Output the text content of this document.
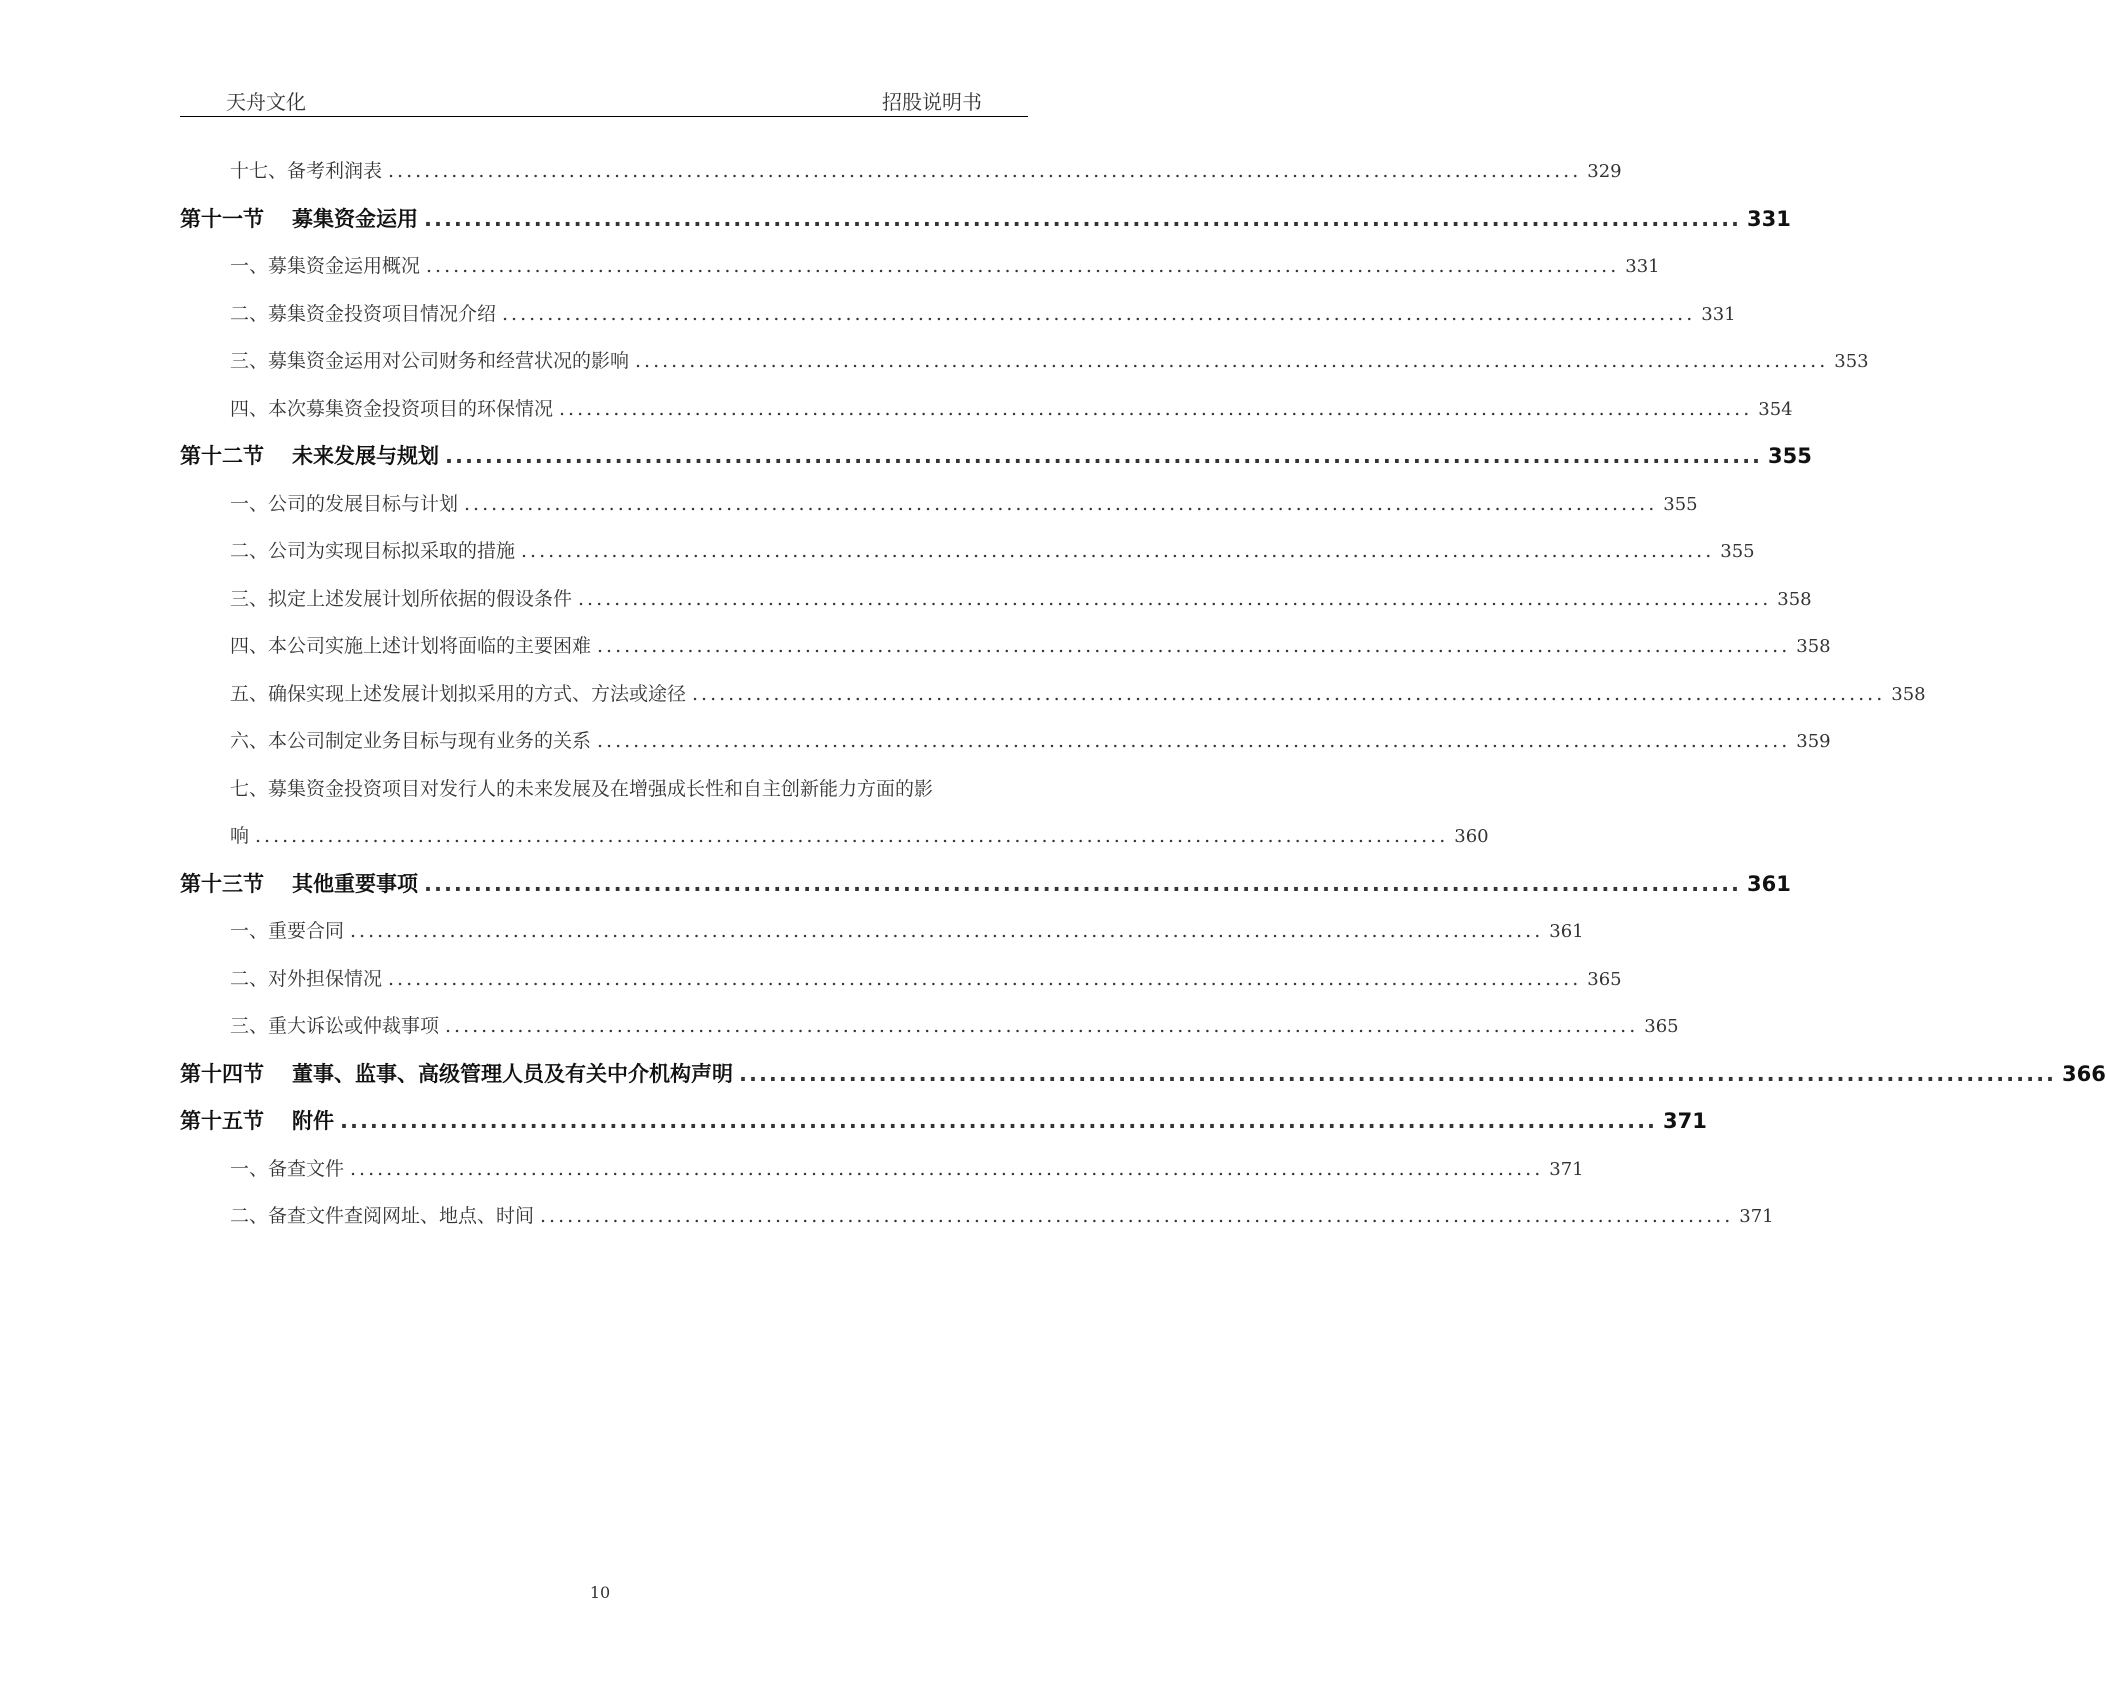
天舟文化	招股说明书
十七、备考利润表 .................................................................................................................................... 329
第十一节 募集资金运用 .................................................................................................................................... 331
一、募集资金运用概况 .................................................................................................................................... 331
二、募集资金投资项目情况介绍 .................................................................................................................................... 331
三、募集资金运用对公司财务和经营状况的影响 .................................................................................................................................... 353
四、本次募集资金投资项目的环保情况 .................................................................................................................................... 354
第十二节 未来发展与规划 .................................................................................................................................... 355
一、公司的发展目标与计划 .................................................................................................................................... 355
二、公司为实现目标拟采取的措施 .................................................................................................................................... 355
三、拟定上述发展计划所依据的假设条件 .................................................................................................................................... 358
四、本公司实施上述计划将面临的主要困难 .................................................................................................................................... 358
五、确保实现上述发展计划拟采用的方式、方法或途径 .................................................................................................................................... 358
六、本公司制定业务目标与现有业务的关系 .................................................................................................................................... 359
七、募集资金投资项目对发行人的未来发展及在增强成长性和自主创新能力方面的影
响 .................................................................................................................................... 360
第十三节 其他重要事项 .................................................................................................................................... 361
一、重要合同 .................................................................................................................................... 361
二、对外担保情况 .................................................................................................................................... 365
三、重大诉讼或仲裁事项 .................................................................................................................................... 365
第十四节 董事、监事、高级管理人员及有关中介机构声明 .................................................................................................................................... 366
第十五节 附件 .................................................................................................................................... 371
一、备查文件 .................................................................................................................................... 371
二、备查文件查阅网址、地点、时间 .................................................................................................................................... 371
10
